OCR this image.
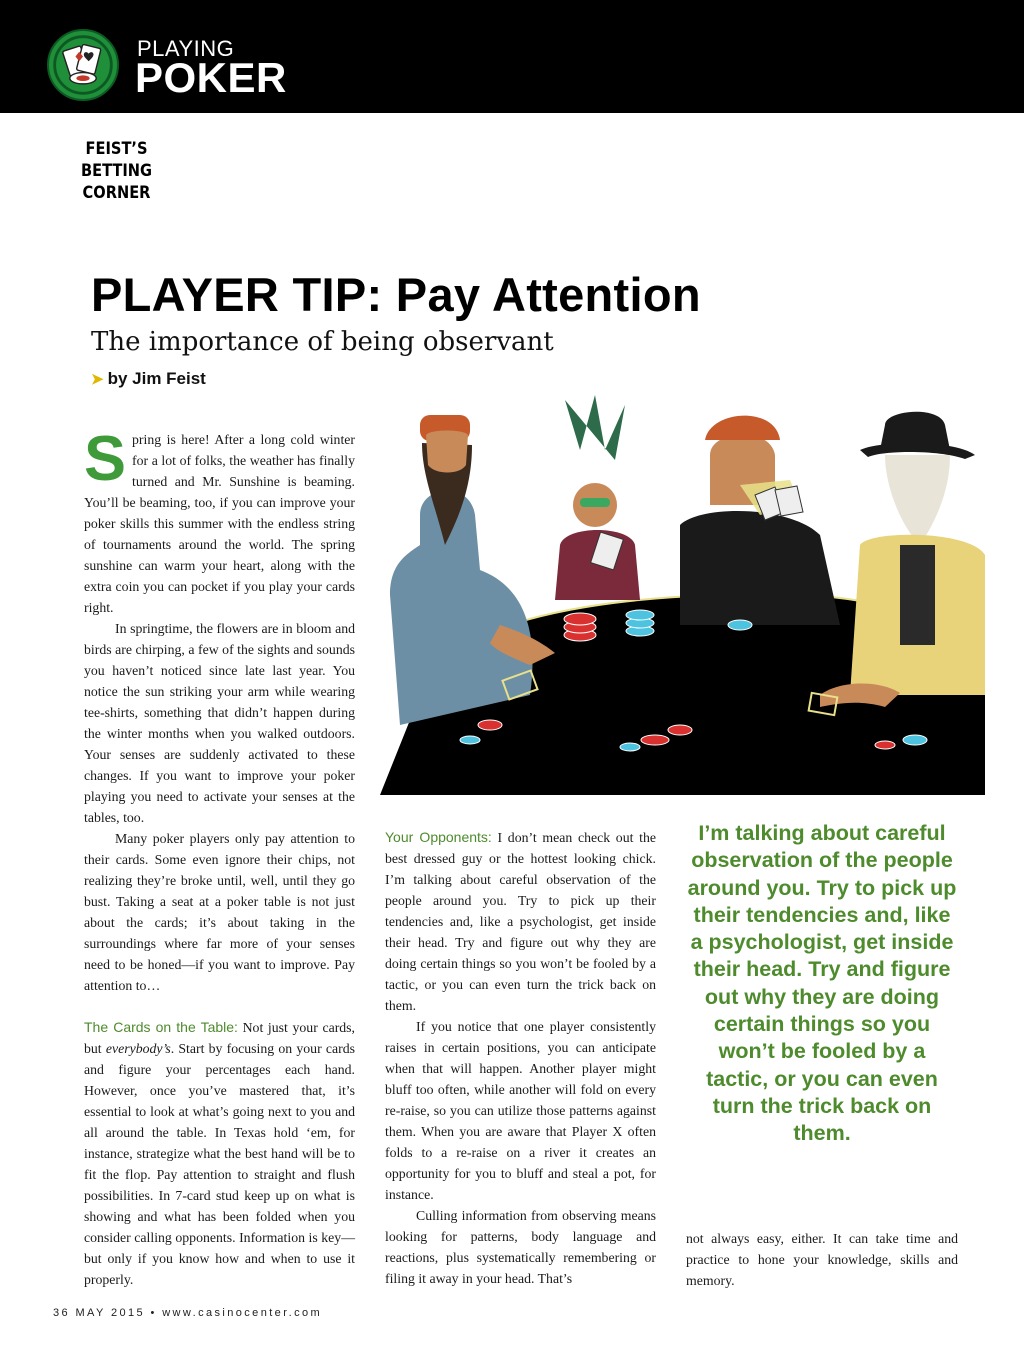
PLAYING
POKER
FEIST’S
BETTING CORNER
PLAYER TIP: Pay Attention
The importance of being observant
➤ by Jim Feist

Spring is here! After a long cold winter for a lot of folks, the weather has finally turned and Mr. Sunshine is beaming. You’ll be beaming, too, if you can improve your poker skills this summer with the endless string of tournaments around the world. The spring sunshine can warm your heart, along with the extra coin you can pocket if you play your cards right.

In springtime, the flowers are in bloom and birds are chirping, a few of the sights and sounds you haven’t noticed since late last year. You notice the sun striking your arm while wearing tee-shirts, something that didn’t happen during the winter months when you walked outdoors. Your senses are suddenly activated to these changes. If you want to improve your poker playing you need to activate your senses at the tables, too.

Many poker players only pay attention to their cards. Some even ignore their chips, not realizing they’re broke until, well, until they go bust. Taking a seat at a poker table is not just about the cards; it’s about taking in the surroundings where far more of your senses need to be honed—if you want to improve. Pay attention to…

The Cards on the Table: Not just your cards, but everybody’s. Start by focusing on your cards and figure your percentages each hand. However, once you’ve mastered that, it’s essential to look at what’s going next to you and all around the table. In Texas hold ‘em, for instance, strategize what the best hand will be to fit the flop. Pay attention to straight and flush possibilities. In 7-card stud keep up on what is showing and what has been folded when you consider calling opponents. Information is key—but only if you know how and when to use it properly.

I’m talking about careful observation of the people around you. Try to pick up their tendencies and, like a psychologist, get inside their head. Try and figure out why they are doing certain things so you won’t be fooled by a tactic, or you can even turn the trick back on them.

Your Opponents: I don’t mean check out the best dressed guy or the hottest looking chick. I’m talking about careful observation of the people around you. Try to pick up their tendencies and, like a psychologist, get inside their head. Try and figure out why they are doing certain things so you won’t be fooled by a tactic, or you can even turn the trick back on them.

If you notice that one player consistently raises in certain positions, you can anticipate when that will happen. Another player might bluff too often, while another will fold on every re-raise, so you can utilize those patterns against them. When you are aware that Player X often folds to a re-raise on a river it creates an opportunity for you to bluff and steal a pot, for instance.

Culling information from observing means looking for patterns, body language and reactions, plus systematically remembering or filing it away in your head. That’s

not always easy, either. It can take time and practice to hone your knowledge, skills and memory.

36 MAY 2015 • www.casinocenter.com
